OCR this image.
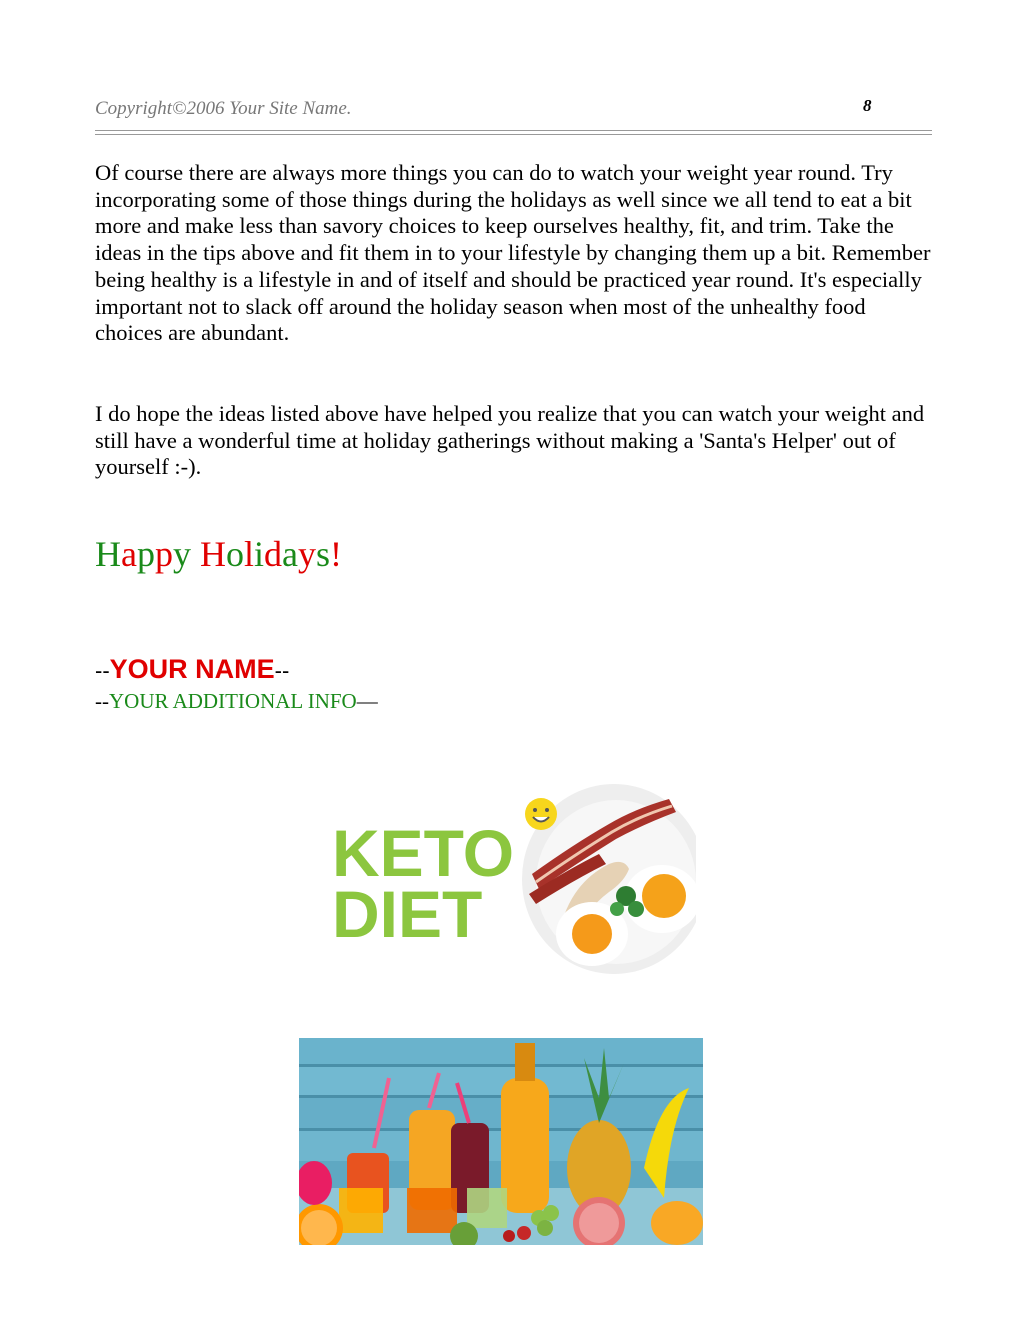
Copyright©2006 Your Site Name.	8

Of course there are always more things you can do to watch your weight year round. Try incorporating some of those things during the holidays as well since we all tend to eat a bit more and make less than savory choices to keep ourselves healthy, fit, and trim. Take the ideas in the tips above and fit them in to your lifestyle by changing them up a bit. Remember being healthy is a lifestyle in and of itself and should be practiced year round. It's especially important not to slack off around the holiday season when most of the unhealthy food choices are abundant.

I do hope the ideas listed above have helped you realize that you can watch your weight and still have a wonderful time at holiday gatherings without making a 'Santa's Helper' out of yourself :-).

Happy Holidays!

--YOUR NAME--
--YOUR ADDITIONAL INFO—
KETO
DIET
